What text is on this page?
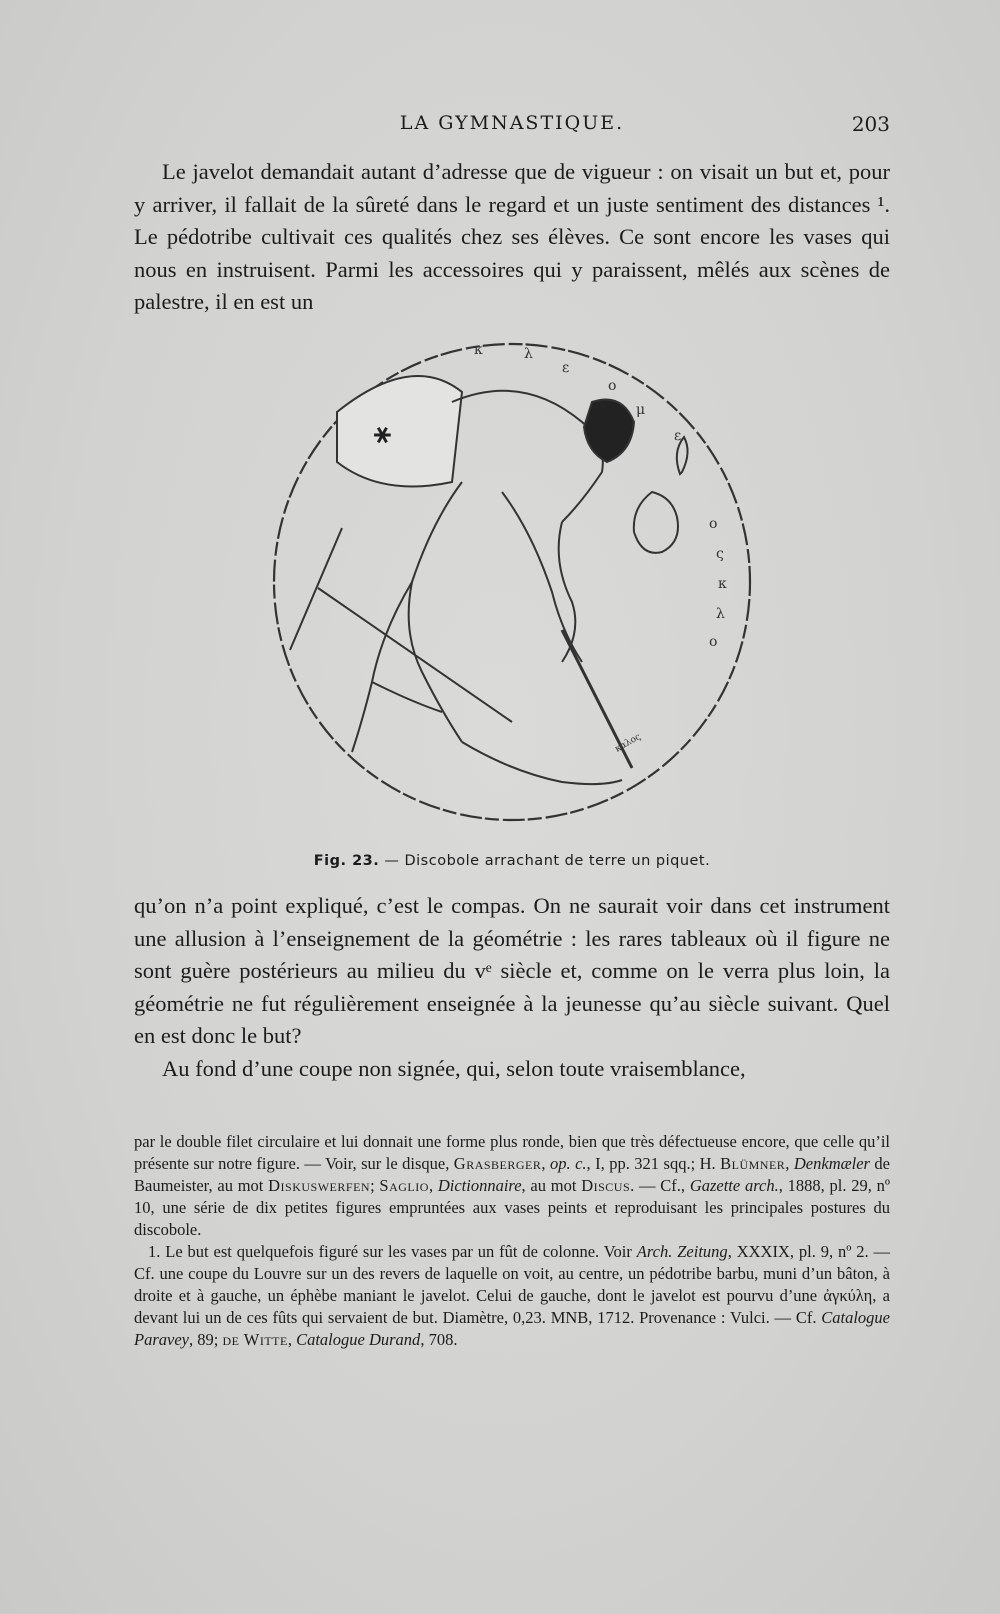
LA GYMNASTIQUE.	203

Le javelot demandait autant d’adresse que de vigueur : on visait un but et, pour y arriver, il fallait de la sûreté dans le regard et un juste sentiment des distances ¹. Le pédotribe cultivait ces qualités chez ses élèves. Ce sont encore les vases qui nous en instruisent. Parmi les accessoires qui y paraissent, mêlés aux scènes de palestre, il en est un

κ	λ
ε
ο
μ
ε
ο
ς
κ
λ
ο
⚹
καλος
Fig. 23. — Discobole arrachant de terre un piquet.

qu’on n’a point expliqué, c’est le compas. On ne saurait voir dans cet instrument une allusion à l’enseignement de la géométrie : les rares tableaux où il figure ne sont guère postérieurs au milieu du vᵉ siècle et, comme on le verra plus loin, la géométrie ne fut régulièrement enseignée à la jeunesse qu’au siècle suivant. Quel en est donc le but?

Au fond d’une coupe non signée, qui, selon toute vraisemblance,

par le double filet circulaire et lui donnait une forme plus ronde, bien que très défectueuse encore, que celle qu’il présente sur notre figure. — Voir, sur le disque, Grasberger, op. c., I, pp. 321 sqq.; H. Blümner, Denkmæler de Baumeister, au mot Diskuswerfen; Saglio, Dictionnaire, au mot Discus. — Cf., Gazette arch., 1888, pl. 29, nº 10, une série de dix petites figures empruntées aux vases peints et reproduisant les principales postures du discobole.

1. Le but est quelquefois figuré sur les vases par un fût de colonne. Voir Arch. Zeitung, XXXIX, pl. 9, nº 2. — Cf. une coupe du Louvre sur un des revers de laquelle on voit, au centre, un pédotribe barbu, muni d’un bâton, à droite et à gauche, un éphèbe maniant le javelot. Celui de gauche, dont le javelot est pourvu d’une ἀγκύλη, a devant lui un de ces fûts qui servaient de but. Diamètre, 0,23. MNB, 1712. Provenance : Vulci. — Cf. Catalogue Paravey, 89; de Witte, Catalogue Durand, 708.
